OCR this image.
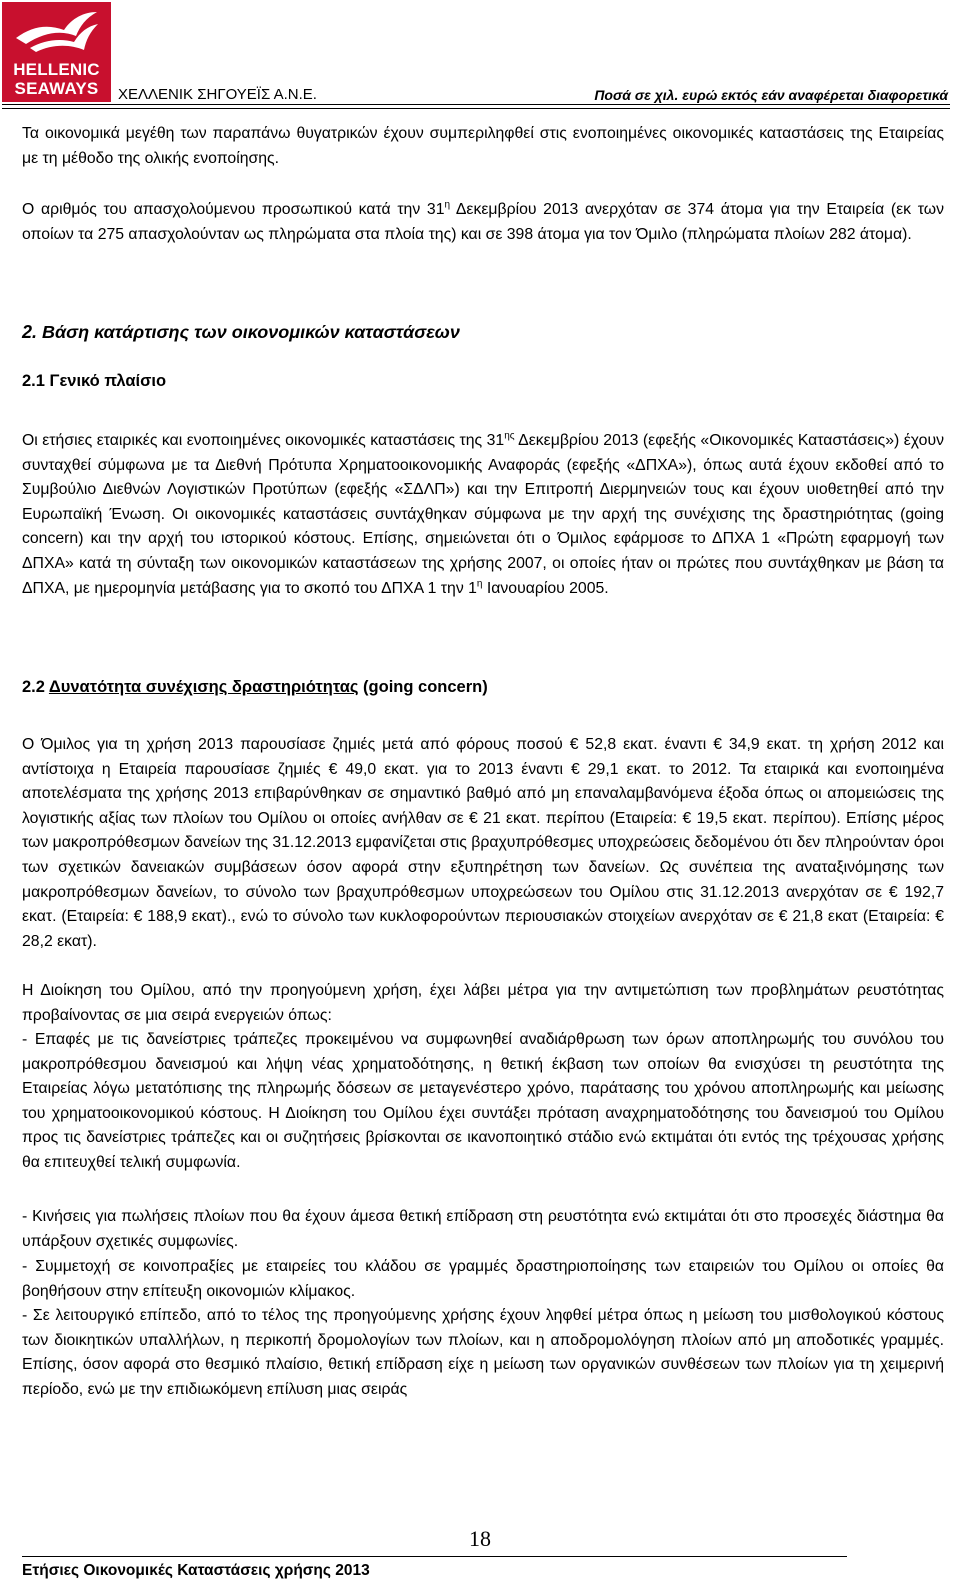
HELLENIC
SEAWAYS	ΧΕΛΛΕΝΙΚ ΣΗΓΟΥΕΪΣ Α.Ν.Ε.	Ποσά σε χιλ. ευρώ εκτός εάν αναφέρεται διαφορετικά

Τα οικονομικά μεγέθη των παραπάνω θυγατρικών έχουν συμπεριληφθεί στις ενοποιημένες οικονομικές καταστάσεις της Εταιρείας με τη μέθοδο της ολικής ενοποίησης.

Ο αριθμός του απασχολούμενου προσωπικού κατά την $31^\eta$ Δεκεμβρίου 2013 ανερχόταν σε 374 άτομα για την Εταιρεία (εκ των οποίων τα 275 απασχολούνταν ως πληρώματα στα πλοία της) και σε 398 άτομα για τον Όμιλο (πληρώματα πλοίων 282 άτομα).

2. Βάση κατάρτισης των οικονομικών καταστάσεων
2.1 Γενικό πλαίσιο

Οι ετήσιες εταιρικές και ενοποιημένες οικονομικές καταστάσεις της $31^{\eta\varsigma}$ Δεκεμβρίου 2013 (εφεξής «Οικονομικές Καταστάσεις») έχουν συνταχθεί σύμφωνα με τα Διεθνή Πρότυπα Χρηματοοικονομικής Αναφοράς (εφεξής «ΔΠΧΑ»), όπως αυτά έχουν εκδοθεί από το Συμβούλιο Διεθνών Λογιστικών Προτύπων (εφεξής «ΣΔΛΠ») και την Επιτροπή Διερμηνειών τους και έχουν υιοθετηθεί από την Ευρωπαϊκή Ένωση. Οι οικονομικές καταστάσεις συντάχθηκαν σύμφωνα με την αρχή της συνέχισης της δραστηριότητας (going concern) και την αρχή του ιστορικού κόστους. Επίσης, σημειώνεται ότι ο Όμιλος εφάρμοσε το ΔΠΧΑ 1 «Πρώτη εφαρμογή των ΔΠΧΑ» κατά τη σύνταξη των οικονομικών καταστάσεων της χρήσης 2007, οι οποίες ήταν οι πρώτες που συντάχθηκαν με βάση τα ΔΠΧΑ, με ημερομηνία μετάβασης για το σκοπό του ΔΠΧΑ 1 την $1^\eta$ Ιανουαρίου 2005.

2.2 Δυνατότητα συνέχισης δραστηριότητας (going concern)

Ο Όμιλος για τη χρήση 2013 παρουσίασε ζημιές μετά από φόρους ποσού € 52,8 εκατ. έναντι € 34,9 εκατ. τη χρήση 2012 και αντίστοιχα η Εταιρεία παρουσίασε ζημιές € 49,0 εκατ. για το 2013 έναντι € 29,1 εκατ. το 2012. Τα εταιρικά και ενοποιημένα αποτελέσματα της χρήσης 2013 επιβαρύνθηκαν σε σημαντικό βαθμό από μη επαναλαμβανόμενα έξοδα όπως οι απομειώσεις της λογιστικής αξίας των πλοίων του Ομίλου οι οποίες ανήλθαν σε € 21 εκατ. περίπου (Εταιρεία: € 19,5 εκατ. περίπου). Επίσης μέρος των μακροπρόθεσμων δανείων της 31.12.2013 εμφανίζεται στις βραχυπρόθεσμες υποχρεώσεις δεδομένου ότι δεν πληρούνταν όροι των σχετικών δανειακών συμβάσεων όσον αφορά στην εξυπηρέτηση των δανείων. Ως συνέπεια της αναταξινόμησης των μακροπρόθεσμων δανείων, το σύνολο των βραχυπρόθεσμων υποχρεώσεων του Ομίλου στις 31.12.2013 ανερχόταν σε € 192,7 εκατ. (Εταιρεία: € 188,9 εκατ)., ενώ το σύνολο των κυκλοφορούντων περιουσιακών στοιχείων ανερχόταν σε € 21,8 εκατ (Εταιρεία: € 28,2 εκατ).

Η Διοίκηση του Ομίλου, από την προηγούμενη χρήση, έχει λάβει μέτρα για την αντιμετώπιση των προβλημάτων ρευστότητας προβαίνοντας σε μια σειρά ενεργειών όπως:

- Επαφές με τις δανείστριες τράπεζες προκειμένου να συμφωνηθεί αναδιάρθρωση των όρων αποπληρωμής του συνόλου του μακροπρόθεσμου δανεισμού και λήψη νέας χρηματοδότησης, η θετική έκβαση των οποίων θα ενισχύσει τη ρευστότητα της Εταιρείας λόγω μετατόπισης της πληρωμής δόσεων σε μεταγενέστερο χρόνο, παράτασης του χρόνου αποπληρωμής και μείωσης του χρηματοοικονομικού κόστους. Η Διοίκηση του Ομίλου έχει συντάξει πρόταση αναχρηματοδότησης του δανεισμού του Ομίλου προς τις δανείστριες τράπεζες και οι συζητήσεις βρίσκονται σε ικανοποιητικό στάδιο ενώ εκτιμάται ότι εντός της τρέχουσας χρήσης θα επιτευχθεί τελική συμφωνία.

- Κινήσεις για πωλήσεις πλοίων που θα έχουν άμεσα θετική επίδραση στη ρευστότητα ενώ εκτιμάται ότι στο προσεχές διάστημα θα υπάρξουν σχετικές συμφωνίες.

- Συμμετοχή σε κοινοπραξίες με εταιρείες του κλάδου σε γραμμές δραστηριοποίησης των εταιρειών του Ομίλου οι οποίες θα βοηθήσουν στην επίτευξη οικονομιών κλίμακος.

- Σε λειτουργικό επίπεδο, από το τέλος της προηγούμενης χρήσης έχουν ληφθεί μέτρα όπως η μείωση του μισθολογικού κόστους των διοικητικών υπαλλήλων, η περικοπή δρομολογίων των πλοίων, και η αποδρομολόγηση πλοίων από μη αποδοτικές γραμμές. Επίσης, όσον αφορά στο θεσμικό πλαίσιο, θετική επίδραση είχε η μείωση των οργανικών συνθέσεων των πλοίων για τη χειμερινή περίοδο, ενώ με την επιδιωκόμενη επίλυση μιας σειράς

18
Ετήσιες Οικονομικές Καταστάσεις χρήσης 2013
